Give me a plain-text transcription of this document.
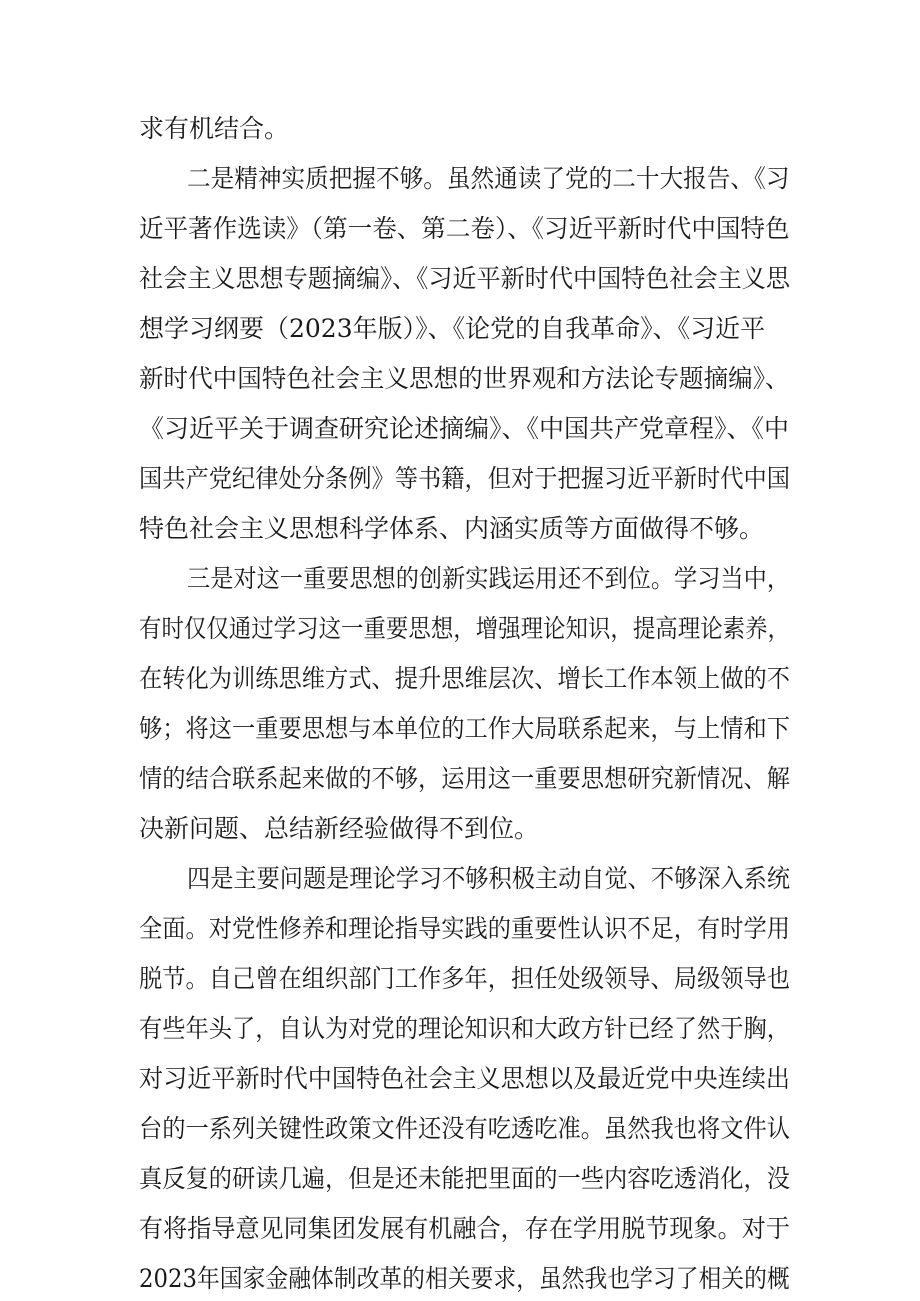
求有机结合。
二是精神实质把握不够。虽然通读了党的二十大报告、《习
近平著作选读》（第一卷、第二卷）、《习近平新时代中国特色
社会主义思想专题摘编》、《习近平新时代中国特色社会主义思
想学习纲要（2023年版）》、《论党的自我革命》、《习近平
新时代中国特色社会主义思想的世界观和方法论专题摘编》、
《习近平关于调查研究论述摘编》、《中国共产党章程》、《中
国共产党纪律处分条例》等书籍，但对于把握习近平新时代中国
特色社会主义思想科学体系、内涵实质等方面做得不够。
三是对这一重要思想的创新实践运用还不到位。学习当中，
有时仅仅通过学习这一重要思想，增强理论知识，提高理论素养，
在转化为训练思维方式、提升思维层次、增长工作本领上做的不
够；将这一重要思想与本单位的工作大局联系起来，与上情和下
情的结合联系起来做的不够，运用这一重要思想研究新情况、解
决新问题、总结新经验做得不到位。
四是主要问题是理论学习不够积极主动自觉、不够深入系统
全面。对党性修养和理论指导实践的重要性认识不足，有时学用
脱节。自己曾在组织部门工作多年，担任处级领导、局级领导也
有些年头了，自认为对党的理论知识和大政方针已经了然于胸，
对习近平新时代中国特色社会主义思想以及最近党中央连续出
台的一系列关键性政策文件还没有吃透吃准。虽然我也将文件认
真反复的研读几遍，但是还未能把里面的一些内容吃透消化，没
有将指导意见同集团发展有机融合，存在学用脱节现象。对于
2023年国家金融体制改革的相关要求，虽然我也学习了相关的概
